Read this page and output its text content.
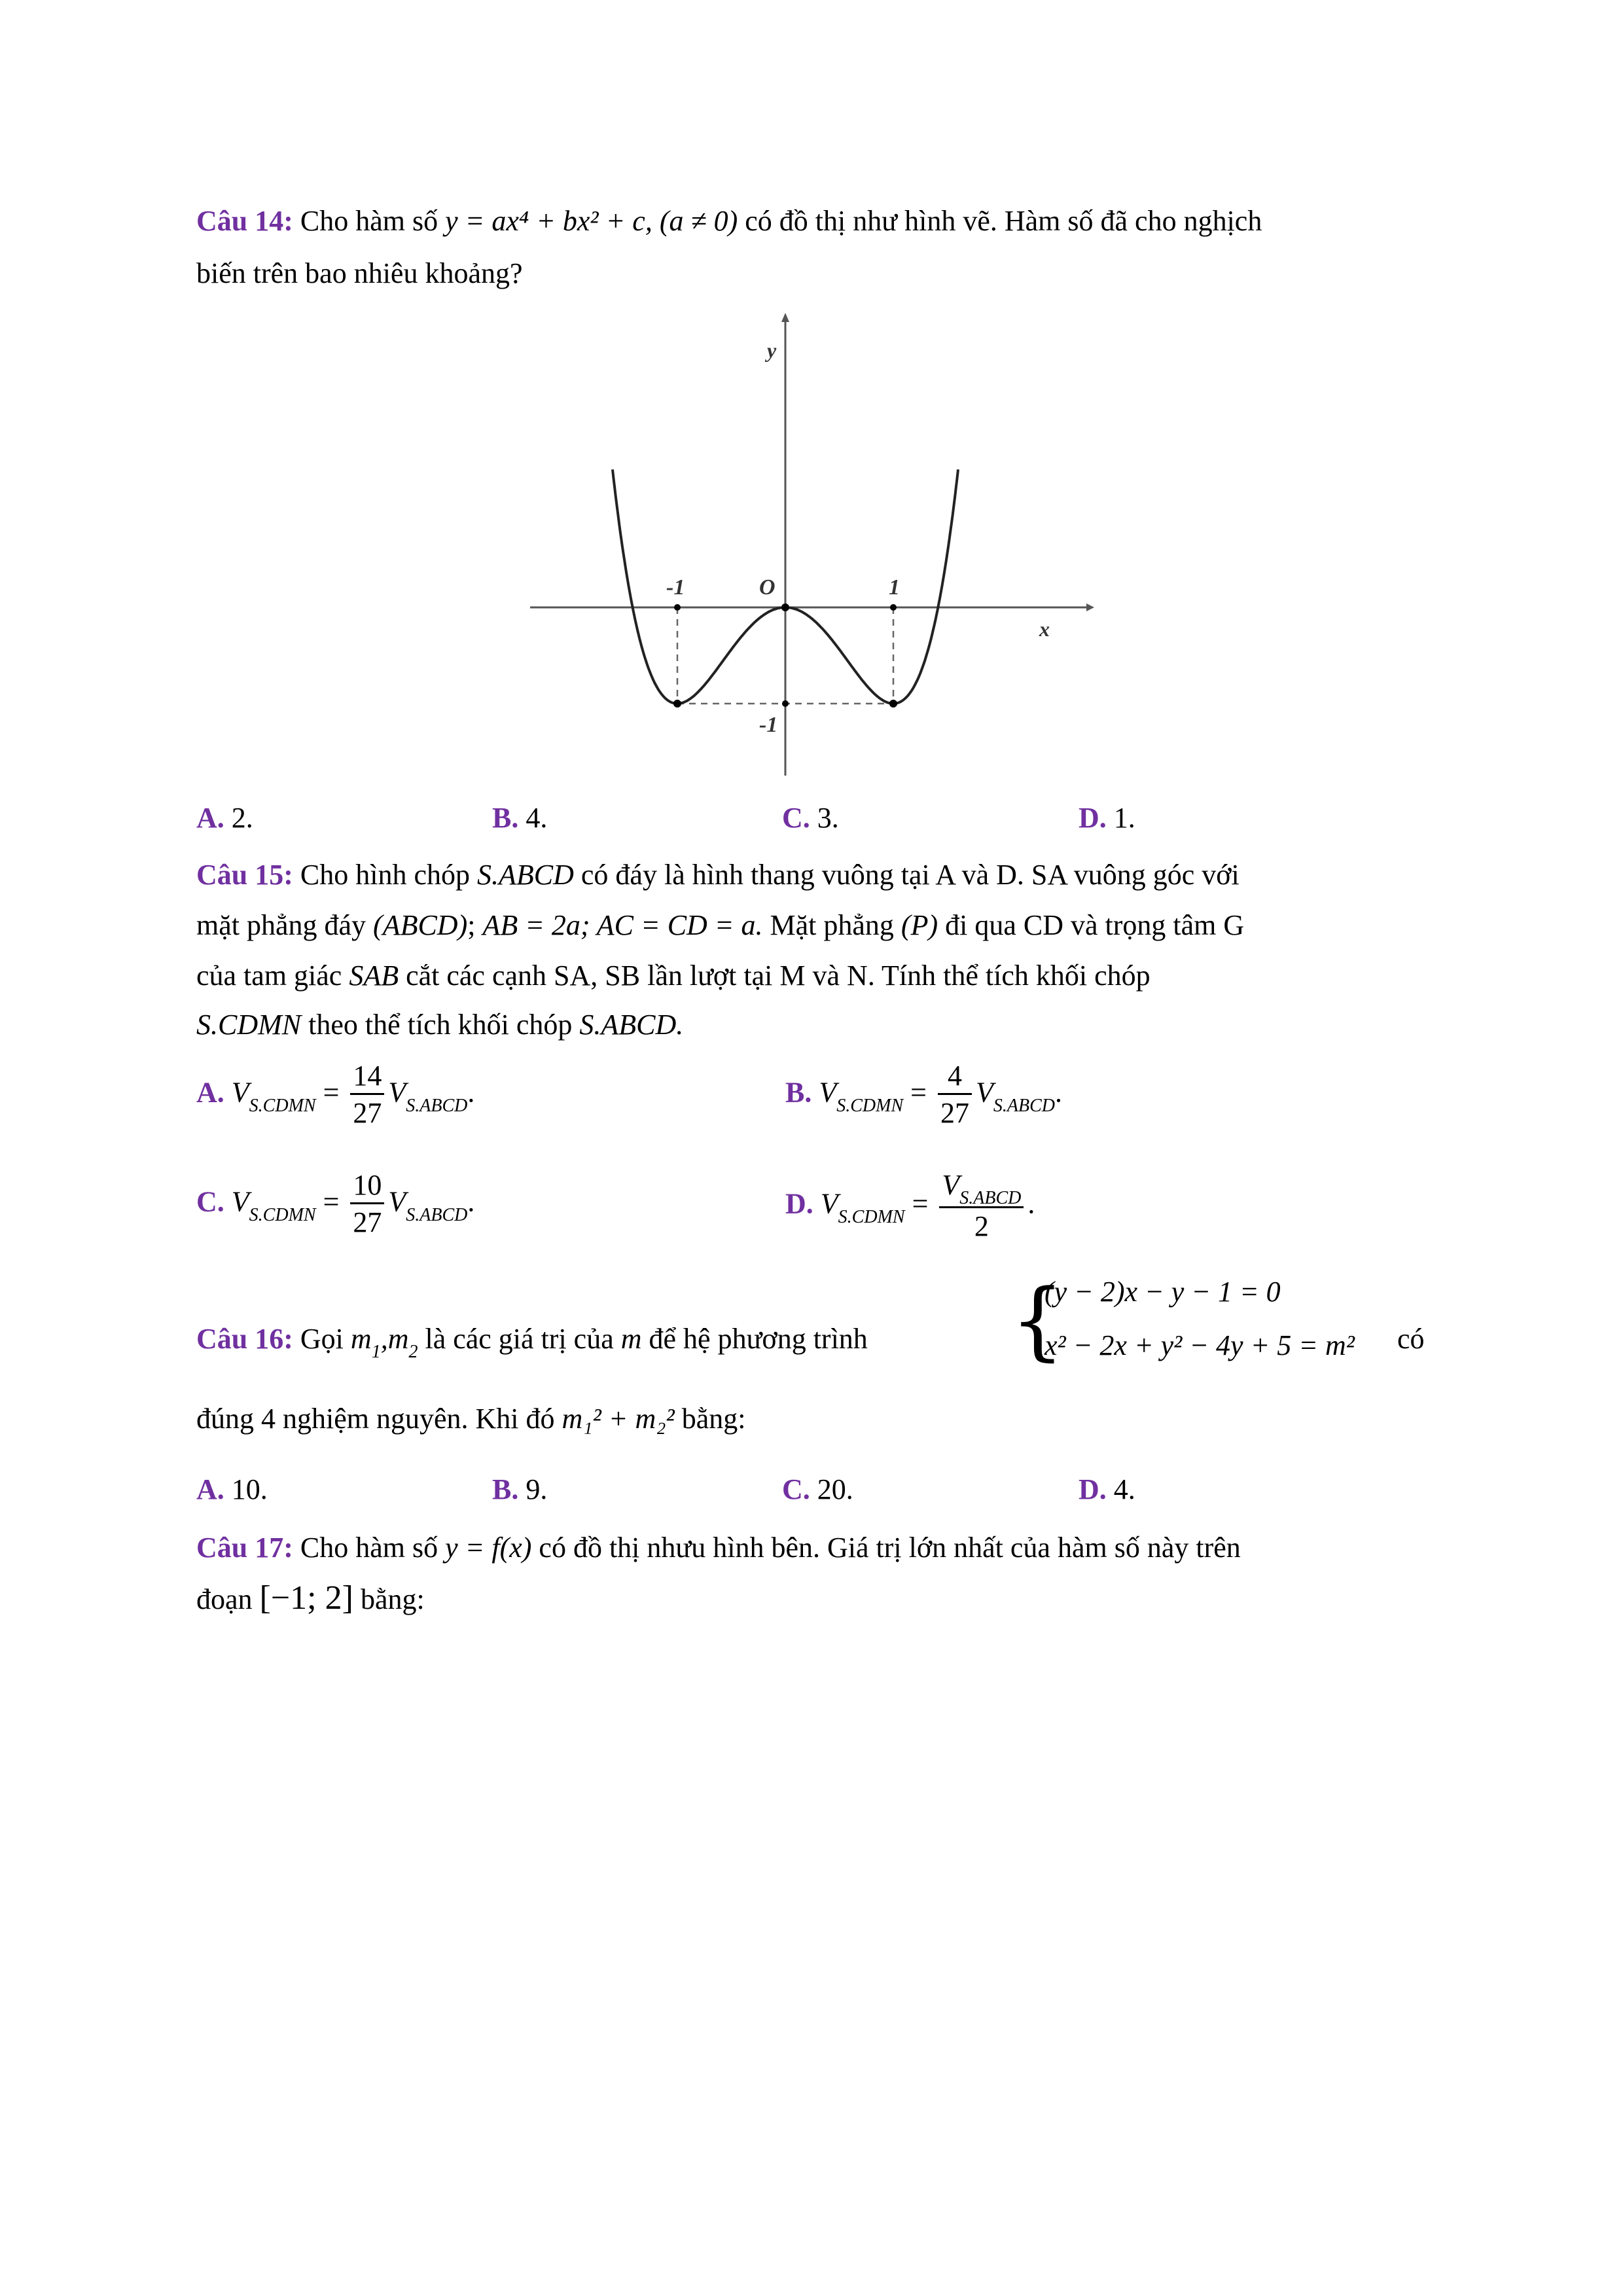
Câu 14: Cho hàm số y = ax⁴ + bx² + c, (a ≠ 0) có đồ thị như hình vẽ. Hàm số đã cho nghịch
biến trên bao nhiêu khoảng?
y
x
O
-1	1
-1
A. 2.	B. 4.	C. 3.	D. 1.
Câu 15: Cho hình chóp S.ABCD có đáy là hình thang vuông tại A và D. SA vuông góc với
mặt phẳng đáy (ABCD); AB = 2a; AC = CD = a. Mặt phẳng (P) đi qua CD và trọng tâm G
của tam giác SAB cắt các cạnh SA, SB lần lượt tại M và N. Tính thể tích khối chóp
S.CDMN theo thể tích khối chóp S.ABCD.
A. $V_{S.CDMN} = \frac{14}{27} V_{S.ABCD}$.	B. $V_{S.CDMN} = \frac{4}{27} V_{S.ABCD}$.
C. $V_{S.CDMN} = \frac{10}{27} V_{S.ABCD}$.	D. $V_{S.CDMN} = \frac{V_{S.ABCD}}{2}$ .
Câu 16: Gọi $m_1,m_2$ là các giá trị của m để hệ phương trình {
(y − 2)x − y − 1 = 0
x² − 2x + y² − 4y + 5 = m² có
đúng 4 nghiệm nguyên. Khi đó m₁² + m₂² bằng:
A. 10.	B. 9.	C. 20.	D. 4.
Câu 17: Cho hàm số y = f(x) có đồ thị nhưu hình bên. Giá trị lớn nhất của hàm số này trên
đoạn [−1; 2] bằng:
